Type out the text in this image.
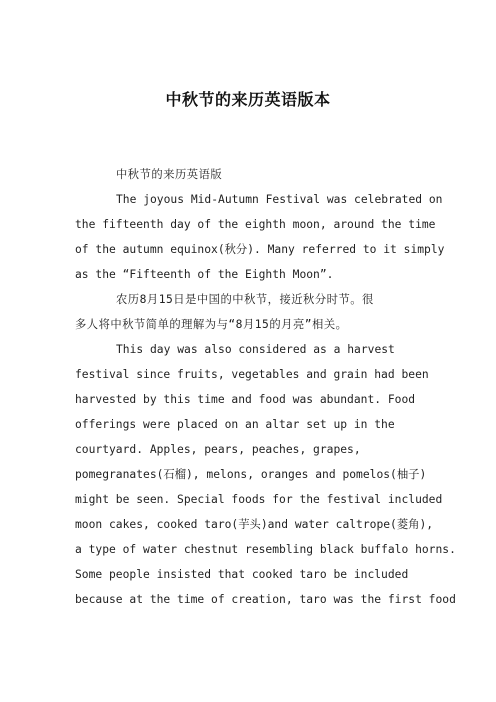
中秋节的来历英语版本
中秋节的来历英语版
The joyous Mid-Autumn Festival was celebrated on
the fifteenth day of the eighth moon, around the time
of the autumn equinox(秋分). Many referred to it simply
as the “Fifteenth of the Eighth Moon”.
农历8月15日是中国的中秋节，接近秋分时节。很
多人将中秋节简单的理解为与“8月15的月亮”相关。
This day was also considered as a harvest
festival since fruits, vegetables and grain had been
harvested by this time and food was abundant. Food
offerings were placed on an altar set up in the
courtyard. Apples, pears, peaches, grapes,
pomegranates(石榴), melons, oranges and pomelos(柚子)
might be seen. Special foods for the festival included
moon cakes, cooked taro(芋头)and water caltrope(菱角),
a type of water chestnut resembling black buffalo horns.
Some people insisted that cooked taro be included
because at the time of creation, taro was the first food
